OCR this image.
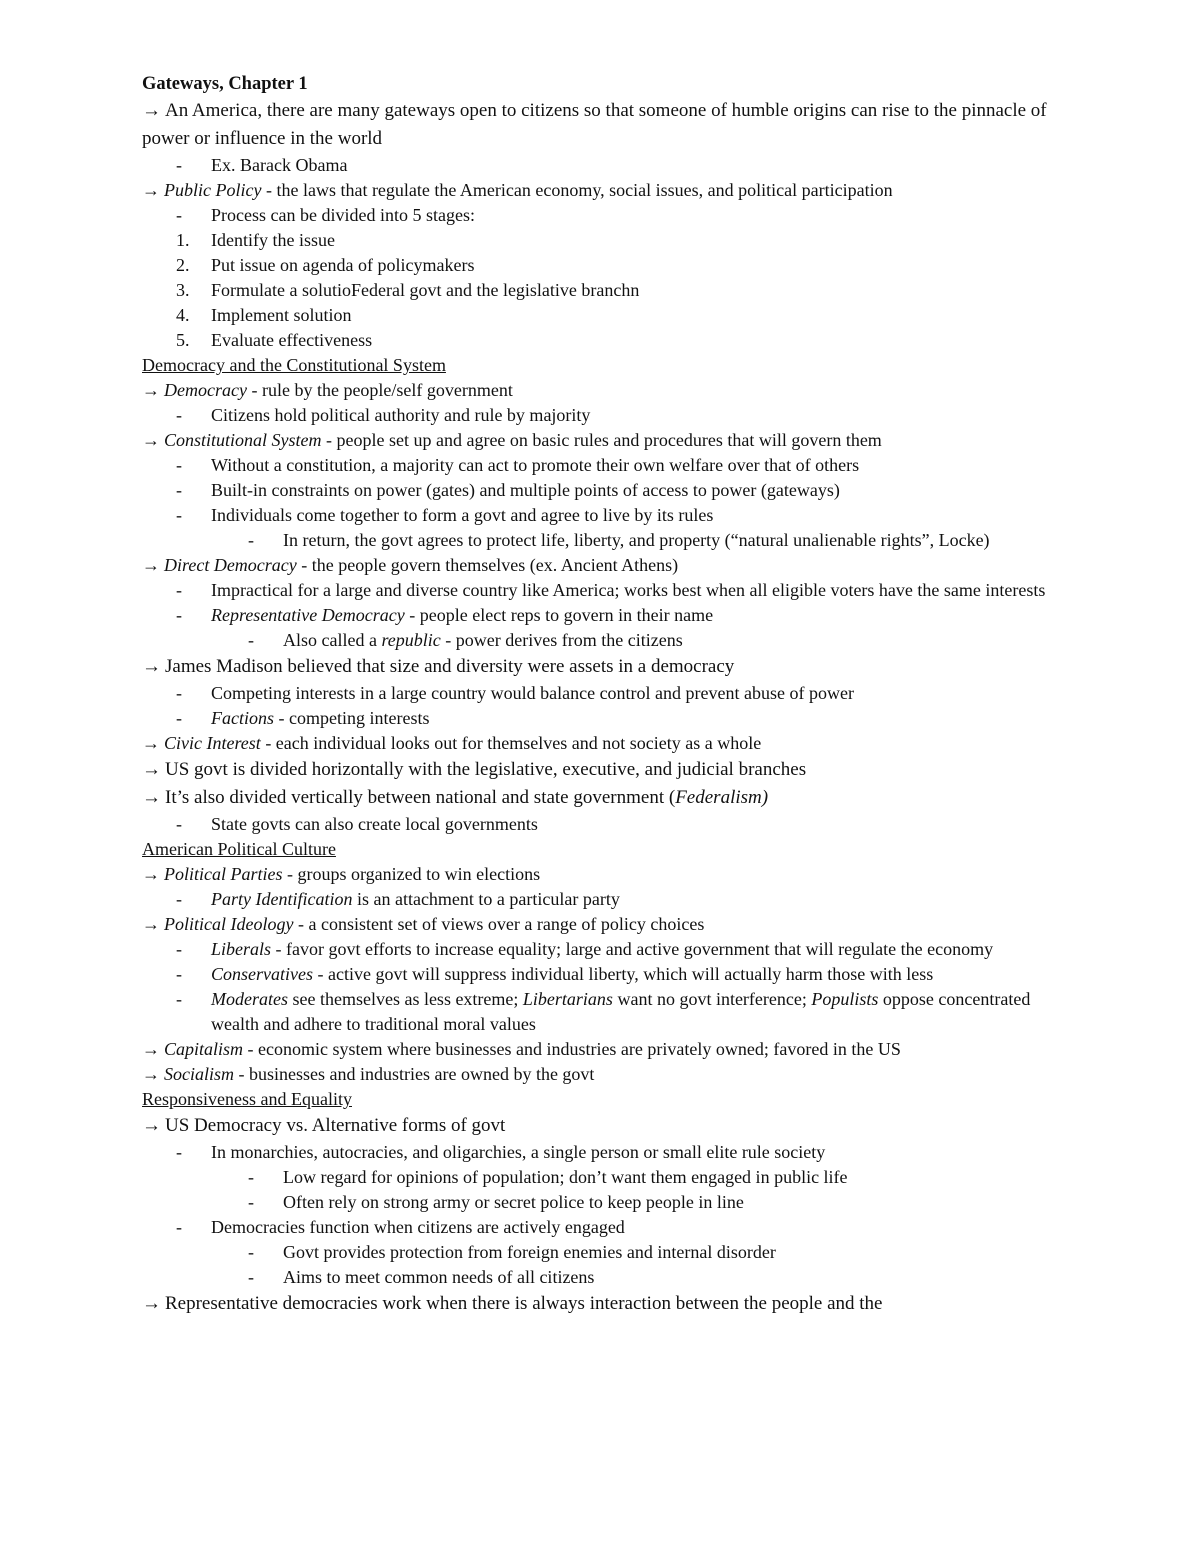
Gateways, Chapter 1

→ An America, there are many gateways open to citizens so that someone of humble origins can rise to the pinnacle of power or influence in the world

- Ex. Barack Obama

→ Public Policy - the laws that regulate the American economy, social issues, and political participation

- Process can be divided into 5 stages:

1. Identify the issue

2. Put issue on agenda of policymakers

3. Formulate a solutioFederal govt and the legislative branchn

4. Implement solution

5. Evaluate effectiveness

Democracy and the Constitutional System

→ Democracy - rule by the people/self government

- Citizens hold political authority and rule by majority

→ Constitutional System - people set up and agree on basic rules and procedures that will govern them

- Without a constitution, a majority can act to promote their own welfare over that of others

- Built-in constraints on power (gates) and multiple points of access to power (gateways)

- Individuals come together to form a govt and agree to live by its rules

- In return, the govt agrees to protect life, liberty, and property (“natural unalienable rights”, Locke)

→ Direct Democracy - the people govern themselves (ex. Ancient Athens)

- Impractical for a large and diverse country like America; works best when all eligible voters have the same interests

- Representative Democracy - people elect reps to govern in their name

- Also called a republic - power derives from the citizens

→ James Madison believed that size and diversity were assets in a democracy

- Competing interests in a large country would balance control and prevent abuse of power

- Factions - competing interests

→ Civic Interest - each individual looks out for themselves and not society as a whole

→ US govt is divided horizontally with the legislative, executive, and judicial branches

→ It’s also divided vertically between national and state government (Federalism)

- State govts can also create local governments

American Political Culture

→ Political Parties - groups organized to win elections

- Party Identification is an attachment to a particular party

→ Political Ideology - a consistent set of views over a range of policy choices

- Liberals - favor govt efforts to increase equality; large and active government that will regulate the economy

- Conservatives - active govt will suppress individual liberty, which will actually harm those with less

- Moderates see themselves as less extreme; Libertarians want no govt interference; Populists oppose concentrated wealth and adhere to traditional moral values

→ Capitalism - economic system where businesses and industries are privately owned; favored in the US

→ Socialism - businesses and industries are owned by the govt

Responsiveness and Equality

→ US Democracy vs. Alternative forms of govt

- In monarchies, autocracies, and oligarchies, a single person or small elite rule society

- Low regard for opinions of population; don’t want them engaged in public life

- Often rely on strong army or secret police to keep people in line

- Democracies function when citizens are actively engaged

- Govt provides protection from foreign enemies and internal disorder

- Aims to meet common needs of all citizens

→ Representative democracies work when there is always interaction between the people and the
